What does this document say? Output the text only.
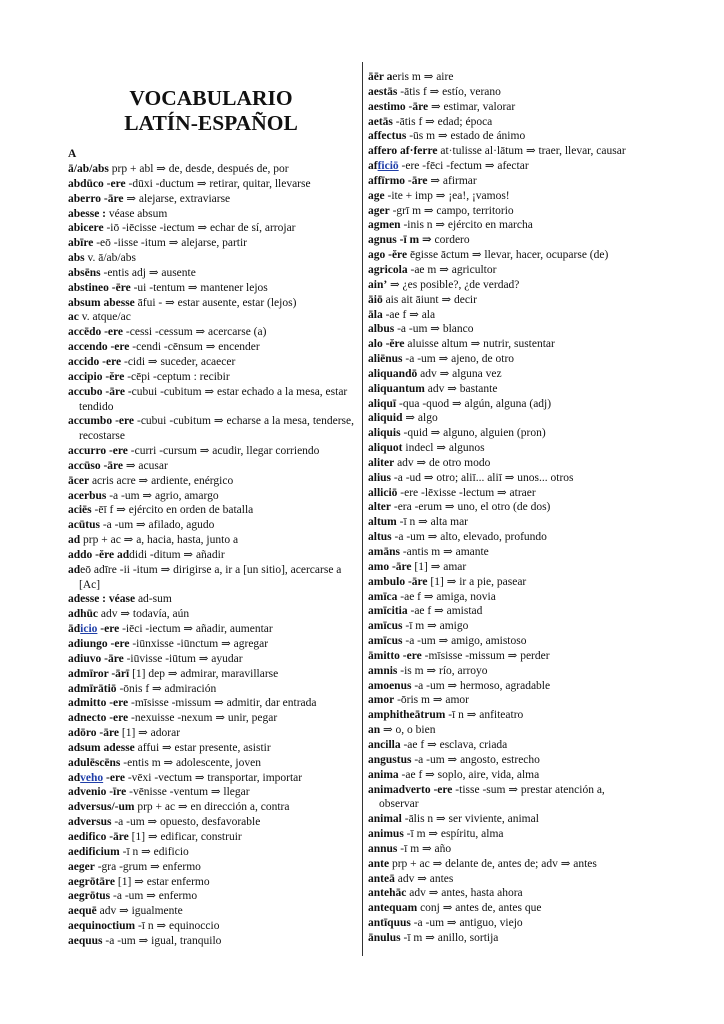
VOCABULARIO
LATÍN-ESPAÑOL
A
ā/ab/abs prp + abl ⇒ de, desde, después de, por
abdūco -ere -dūxi -ductum ⇒ retirar, quitar, llevarse
aberro -āre ⇒ alejarse, extraviarse
abesse : véase absum
abicere -iō -iēcisse -iectum ⇒ echar de sí, arrojar
abīre -eō -iisse -itum ⇒ alejarse, partir
abs v. ā/ab/abs
absēns -entis adj ⇒ ausente
abstineo -ēre -ui -tentum ⇒ mantener lejos
absum abesse āfui - ⇒ estar ausente, estar (lejos)
ac v. atque/ac
accēdo -ere -cessi -cessum ⇒ acercarse (a)
accendo -ere -cendi -cēnsum ⇒ encender
accido -ere -cidi ⇒ suceder, acaecer
accipio -ĕre -cēpi -ceptum : recibir
accubo -āre -cubui -cubitum ⇒ estar echado a la mesa, estar tendido
accumbo -ere -cubui -cubitum ⇒ echarse a la mesa, tenderse, recostarse
accurro -ere -curri -cursum ⇒ acudir, llegar corriendo
accūso -āre ⇒ acusar
ācer acris acre ⇒ ardiente, enérgico
acerbus -a -um ⇒ agrio, amargo
aciēs -ēī f ⇒ ejército en orden de batalla
acūtus -a -um ⇒ afilado, agudo
ad prp + ac ⇒ a, hacia, hasta, junto a
addo -ĕre addidi -ditum ⇒ añadir
adeō adīre -ii -itum ⇒ dirigirse a, ir a [un sitio], acercarse a [Ac]
adesse : véase ad-sum
adhūc adv ⇒ todavía, aún
ādicio -ere -iēci -iectum ⇒ añadir, aumentar
adiungo -ere -iūnxisse -iūnctum ⇒ agregar
adiuvo -āre -iūvisse -iūtum ⇒ ayudar
admīror -ārī [1] dep ⇒ admirar, maravillarse
admīrātiō -ōnis f ⇒ admiración
admitto -ere -mīsisse -missum ⇒ admitir, dar entrada
adnecto -ere -nexuisse -nexum ⇒ unir, pegar
adōro -āre [1] ⇒ adorar
adsum adesse affui ⇒ estar presente, asistir
adulēscēns -entis m ⇒ adolescente, joven
adveho -ere -vēxi -vectum ⇒ transportar, importar
advenio -īre -vēnisse -ventum ⇒ llegar
adversus/-um prp + ac ⇒ en dirección a, contra
adversus -a -um ⇒ opuesto, desfavorable
aedifico -āre [1] ⇒ edificar, construir
aedificium -ī n ⇒ edificio
aeger -gra -grum ⇒ enfermo
aegrōtāre [1] ⇒ estar enfermo
aegrōtus -a -um ⇒ enfermo
aequē adv ⇒ igualmente
aequinoctium -ī n ⇒ equinoccio
aequus -a -um ⇒ igual, tranquilo
āēr aeris m ⇒ aire
aestās -ātis f ⇒ estío, verano
aestimo -āre ⇒ estimar, valorar
aetās -ātis f ⇒ edad; época
affectus -ūs m ⇒ estado de ánimo
affero af·ferre at·tulisse al·lātum ⇒ traer, llevar, causar
afficiō -ere -fēci -fectum ⇒ afectar
affīrmo -āre ⇒ afirmar
age -ite + imp ⇒ ¡ea!, ¡vamos!
ager -grī m ⇒ campo, territorio
agmen -inis n ⇒ ejército en marcha
agnus -ī m ⇒ cordero
ago -ĕre ēgisse āctum ⇒ llevar, hacer, ocuparse (de)
agricola -ae m ⇒ agricultor
ain’ ⇒ ¿es posible?, ¿de verdad?
āiō ais ait āiunt ⇒ decir
āla -ae f ⇒ ala
albus -a -um ⇒ blanco
alo -ĕre aluisse altum ⇒ nutrir, sustentar
aliēnus -a -um ⇒ ajeno, de otro
aliquandō adv ⇒ alguna vez
aliquantum adv ⇒ bastante
aliquī -qua -quod ⇒ algún, alguna (adj)
aliquid ⇒ algo
aliquis -quid ⇒ alguno, alguien (pron)
aliquot indecl ⇒ algunos
aliter adv ⇒ de otro modo
alius -a -ud ⇒ otro; aliī... aliī ⇒ unos... otros
alliciō -ere -lēxisse -lectum ⇒ atraer
alter -era -erum ⇒ uno, el otro (de dos)
altum -ī n ⇒ alta mar
altus -a -um ⇒ alto, elevado, profundo
amāns -antis m ⇒ amante
amo -āre [1] ⇒ amar
ambulo -āre [1] ⇒ ir a pie, pasear
amīca -ae f ⇒ amiga, novia
amīcitia -ae f ⇒ amistad
amīcus -ī m ⇒ amigo
amīcus -a -um ⇒ amigo, amistoso
āmitto -ere -mīsisse -missum ⇒ perder
amnis -is m ⇒ río, arroyo
amoenus -a -um ⇒ hermoso, agradable
amor -ōris m ⇒ amor
amphitheātrum -ī n ⇒ anfiteatro
an ⇒ o, o bien
ancilla -ae f ⇒ esclava, criada
angustus -a -um ⇒ angosto, estrecho
anima -ae f ⇒ soplo, aire, vida, alma
animadverto -ere -tisse -sum ⇒ prestar atención a, observar
animal -ālis n ⇒ ser viviente, animal
animus -ī m ⇒ espíritu, alma
annus -ī m ⇒ año
ante prp + ac ⇒ delante de, antes de; adv ⇒ antes
anteā adv ⇒ antes
antehāc adv ⇒ antes, hasta ahora
antequam conj ⇒ antes de, antes que
antīquus -a -um ⇒ antiguo, viejo
ānulus -ī m ⇒ anillo, sortija
